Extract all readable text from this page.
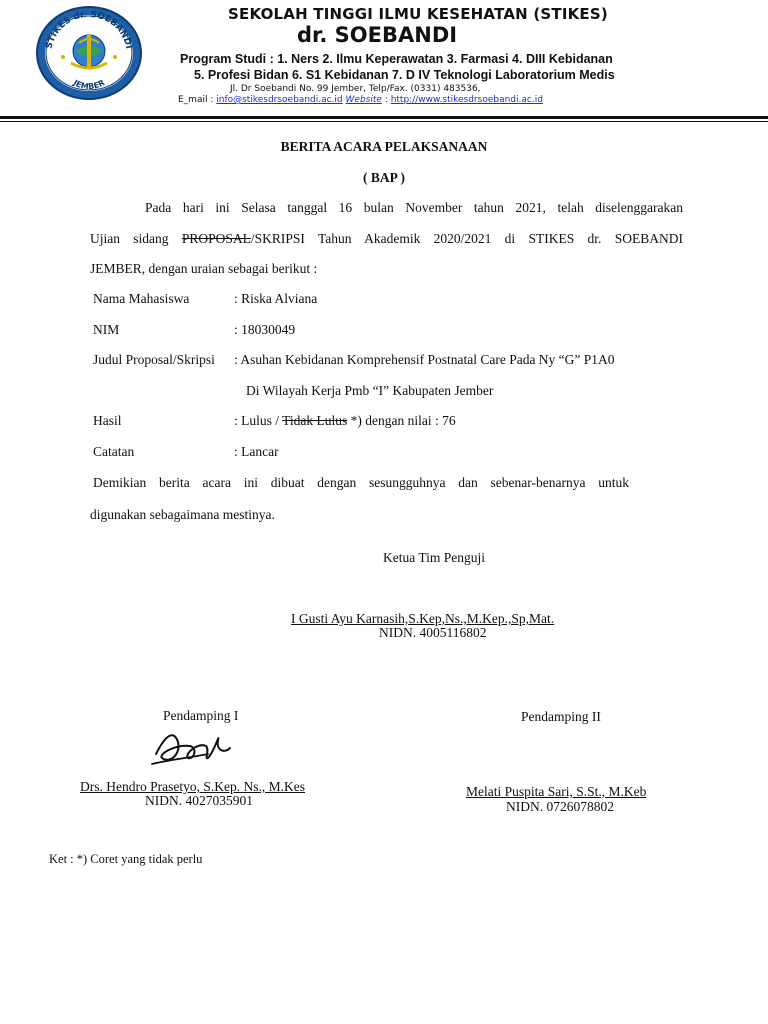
STIKES dr. SOEBANDI
JEMBER
SEKOLAH TINGGI ILMU KESEHATAN (STIKES)
dr. SOEBANDI
Program Studi : 1. Ners 2. Ilmu Keperawatan 3. Farmasi 4. DIII Kebidanan
5. Profesi Bidan 6. S1 Kebidanan 7. D IV Teknologi Laboratorium Medis
Jl. Dr Soebandi No. 99 Jember, Telp/Fax. (0331) 483536,
E_mail : info@stikesdrsoebandi.ac.id Website : http://www.stikesdrsoebandi.ac.id
BERITA ACARA PELAKSANAAN
( BAP )
Pada hari ini Selasa tanggal 16 bulan November tahun 2021, telah diselenggarakan
Ujian sidang PROPOSAL/SKRIPSI Tahun Akademik 2020/2021 di STIKES dr. SOEBANDI
JEMBER, dengan uraian sebagai berikut :
Nama Mahasiswa	: Riska Alviana
NIM	: 18030049
Judul Proposal/Skripsi : Asuhan Kebidanan Komprehensif Postnatal Care Pada Ny “G” P1A0
Di Wilayah Kerja Pmb “I” Kabupaten Jember
Hasil	: Lulus / Tidak Lulus *) dengan nilai : 76
Catatan	: Lancar
Demikian berita acara ini dibuat dengan sesungguhnya dan sebenar-benarnya untuk
digunakan sebagaimana mestinya.
Ketua Tim Penguji
I Gusti Ayu Karnasih,S.Kep,Ns.,M.Kep.,Sp,Mat.
NIDN. 4005116802
Pendamping I
Drs. Hendro Prasetyo, S.Kep. Ns., M.Kes
NIDN. 4027035901
Pendamping II
Melati Puspita Sari, S.St., M.Keb
NIDN. 0726078802
Ket : *) Coret yang tidak perlu
